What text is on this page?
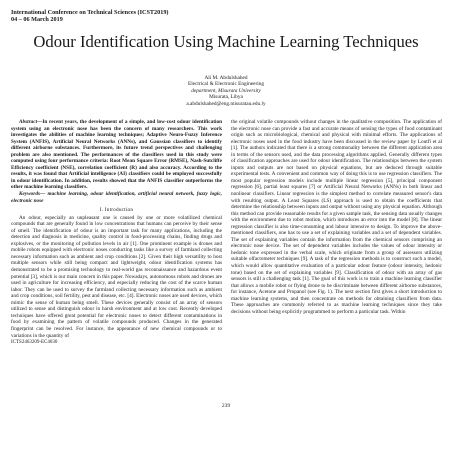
International Conference on Technical Sciences (ICST2019)
04 – 06 March 2019
Odour Identification Using Machine Learning Techniques
Ali M. Abdulshahed
Electrical & Electronic Engineering
department, Misurata University
Misurata, Libya
a.abdulshahed@eng.misuratau.edu.ly

Abstract—In recent years, the development of a simple, and low-cost odour identification system using an electronic nose has been the concern of many researchers. This work investigates the abilities of machine learning techniques; Adaptive Neuro-Fuzzy Inference System (ANFIS), Artificial Neural Networks (ANNs), and Gaussian classifiers to identify different airborne substances. Furthermore, its future trend perspectives and challenging problem are also mentioned. The performances of the classifiers used in this study were computed using four performance criteria: Root Mean Square Error (RMSE), Nash-Sutcliffe Efficiency coefficient (NSE), correlation coefficient (R) and also accuracy. According to the results, it was found that Artificial intelligence (AI) classifiers could be employed successfully in odour identification. In addition, results showed that the ANFIS classifier outperforms the other machine learning classifiers.

Keywords— machine learning, odour identification, artificial neural network, fuzzy logic, electronic nose

I. Introduction

An odour, especially an unpleasant one is caused by one or more volatilized chemical compounds that are generally found in low concentrations that humans can perceive by their sense of smell. The identification of odour is an important task for many applications, including the detection and diagnosis in medicine, quality control in food-processing chains, finding drugs and explosives, or the monitoring of pollution levels in air [1]. One prominent example is drones and mobile robots equipped with electronic noses conducting tasks like a survey of farmland collecting necessary information such as ambient and crop conditions [2]. Given their high versatility to host multiple sensors while still being compact and lightweight, odour identification systems has demonstrated to be a promising technology to real-world gas reconnaissance and hazardous event potential [3], which is our main concern in this paper. Nowadays, autonomous robots and drones are used in agriculture for increasing efficiency, and especially reducing the cost of the scarce human labor. They can be used to survey the farmland collecting necessary information such as ambient and crop conditions, soil fertility, pest and disease, etc. [4]. Electronic noses are used devices, which mimic the sense of human being smell. These devices generally consist of an array of sensors utilized to sense and distinguish odour in harsh environment and at low cost. Recently developed techniques have offered great potential for electronic noses to detect different contaminations in food by examining the pattern of volatile compounds produced. Changes in the generated fingerprint can be resolved. For instance, the appearance of new chemical compounds or to variations in the quantity of

ICTS2463209-EC4030

the original volatile compounds without changes in the qualitative composition. The application of the electronic nose can provide a fast and accurate means of sensing the types of food contaminant origin such as microbiological, chemical and physical with minimal efforts. The applications of electronic noses used in the food industry have been discussed in the review paper by Loutfi et al [1]. The authors indicated that there is a strong commonality between the different application area in terms of the sensors used, and the data processing algorithms applied. Generally different types of classification approaches are used for odour identification. The relationships between the system inputs and outputs are not based on physical equations, but are deduced through suitable experimental tests. A convenient and common way of doing this is to use regression classifiers. The most popular regression models include multiple linear regression [5], principal component regression [6], partial least squares [7] or Artificial Neural Networks (ANNs) in both linear and nonlinear classifiers. Linear regression is the simplest method to correlate measured sensor's data with resulting output. A Least Squares (LS) approach is used to obtain the coefficients that determine the relationship between inputs and output without using any physical equation. Although this method can provide reasonable results for a given sample task, the sensing data usually changes with the environment due to robot motion, which introduces an error into the model [8]. The linear regression classifier is also time-consuming and labour intensive to design. To improve the above-mentioned classifiers, one has to use a set of explaining variables and a set of dependent variables. The set of explaining variables contain the information from the chemical sensors comprising an electronic nose device. The set of dependent variables includes the values of odour intensity or hedonic tone expressed in the verbal scale, which originate from a group of assessors utilizing suitable olfactometer techniques [9]. A task of the regression methods is to construct such a model, which would allow quantitative evaluation of a particular odour feature (odour intensity, hedonic tone) based on the set of explaining variables [9]. Classification of odour with an array of gas sensors is still a challenging task [1]. The goal of this work is to train a machine learning classifier that allows a mobile robot or flying drone to be discriminate between different airborne substances, for instance, Acetone and Propanol (see Fig. 1). The next section first gives a short introduction to machine learning systems, and then concentrate on methods for obtaining classifiers from data. These approaches are commonly referred to as machine learning techniques since they take decisions without being explicitly programmed to perform a particular task. Within

239
